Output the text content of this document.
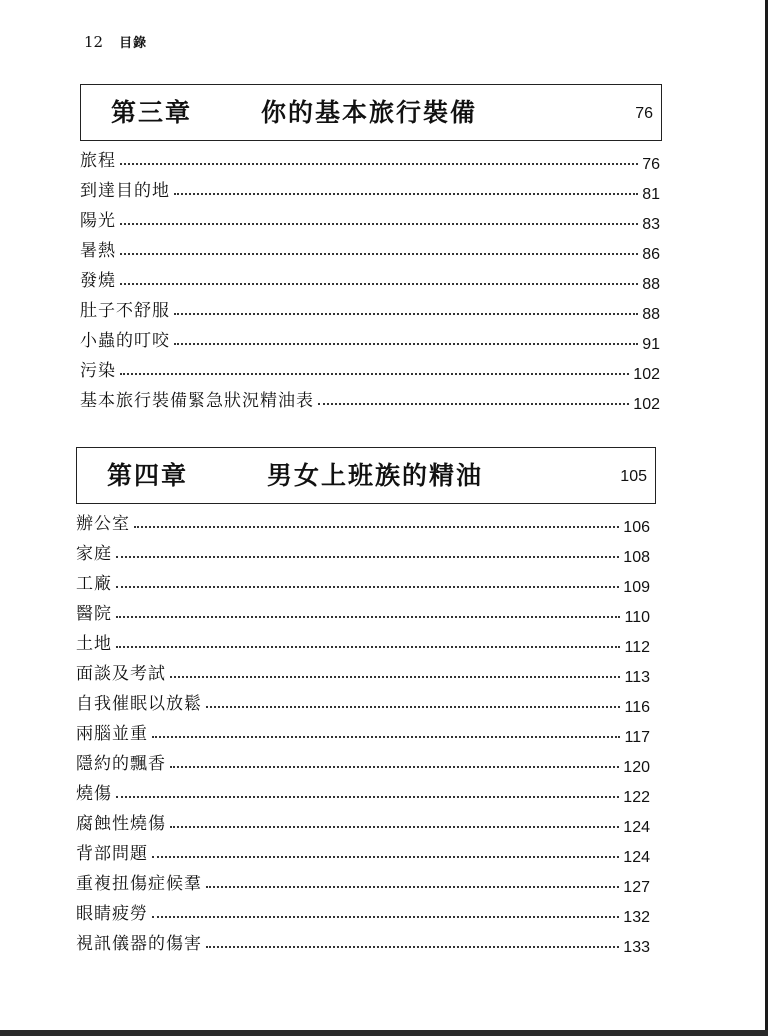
12 目錄
第三章	你的基本旅行裝備	76
旅程	76
到達目的地	81
陽光	83
暑熱	86
發燒	88
肚子不舒服	88
小蟲的叮咬	91
污染	102
基本旅行裝備緊急狀況精油表	102
第四章	男女上班族的精油	105
辦公室	106
家庭	108
工廠	109
醫院	110
土地	112
面談及考試	113
自我催眠以放鬆	116
兩腦並重	117
隱約的飄香	120
燒傷	122
腐蝕性燒傷	124
背部問題	124
重複扭傷症候羣	127
眼睛疲勞	132
視訊儀器的傷害	133
